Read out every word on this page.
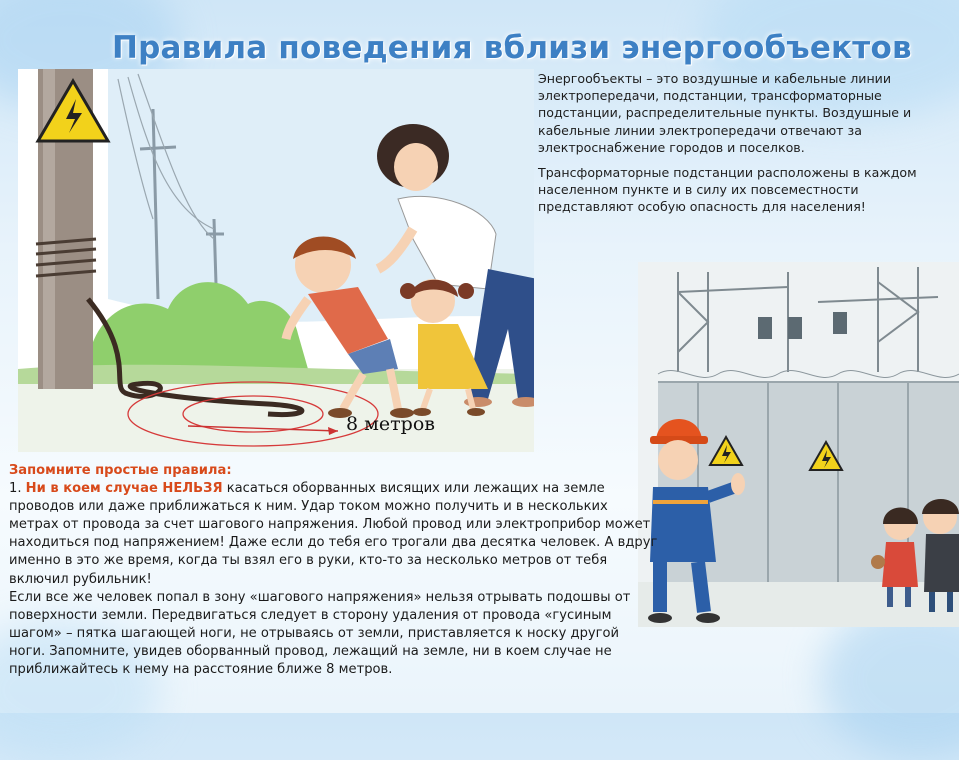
Правила поведения вблизи энергообъектов
8 метров

Энергообъекты – это воздушные и кабельные линии электропередачи, подстанции, трансформаторные подстанции, распределительные пункты. Воздушные и кабельные линии электропередачи отвечают за электроснабжение городов и поселков.

Трансформаторные подстанции расположены в каждом населенном пункте и в силу их повсеместности представляют особую опасность для населения!

Запомните простые правила:
1. Ни в коем случае НЕЛЬЗЯ касаться оборванных висящих или лежащих на земле проводов или даже приближаться к ним. Удар током можно получить и в нескольких метрах от провода за счет шагового напряжения. Любой провод или электроприбор может находиться под напряжением! Даже если до тебя его трогали два десятка человек. А вдруг именно в это же время, когда ты взял его в руки, кто-то за несколько метров от тебя включил рубильник!
Если все же человек попал в зону «шагового напряжения» нельзя отрывать подошвы от поверхности земли. Передвигаться следует в сторону удаления от провода «гусиным шагом» – пятка шагающей ноги, не отрываясь от земли, приставляется к носку другой ноги. Запомните, увидев оборванный провод, лежащий на земле, ни в коем случае не приближайтесь к нему на расстояние ближе 8 метров.
